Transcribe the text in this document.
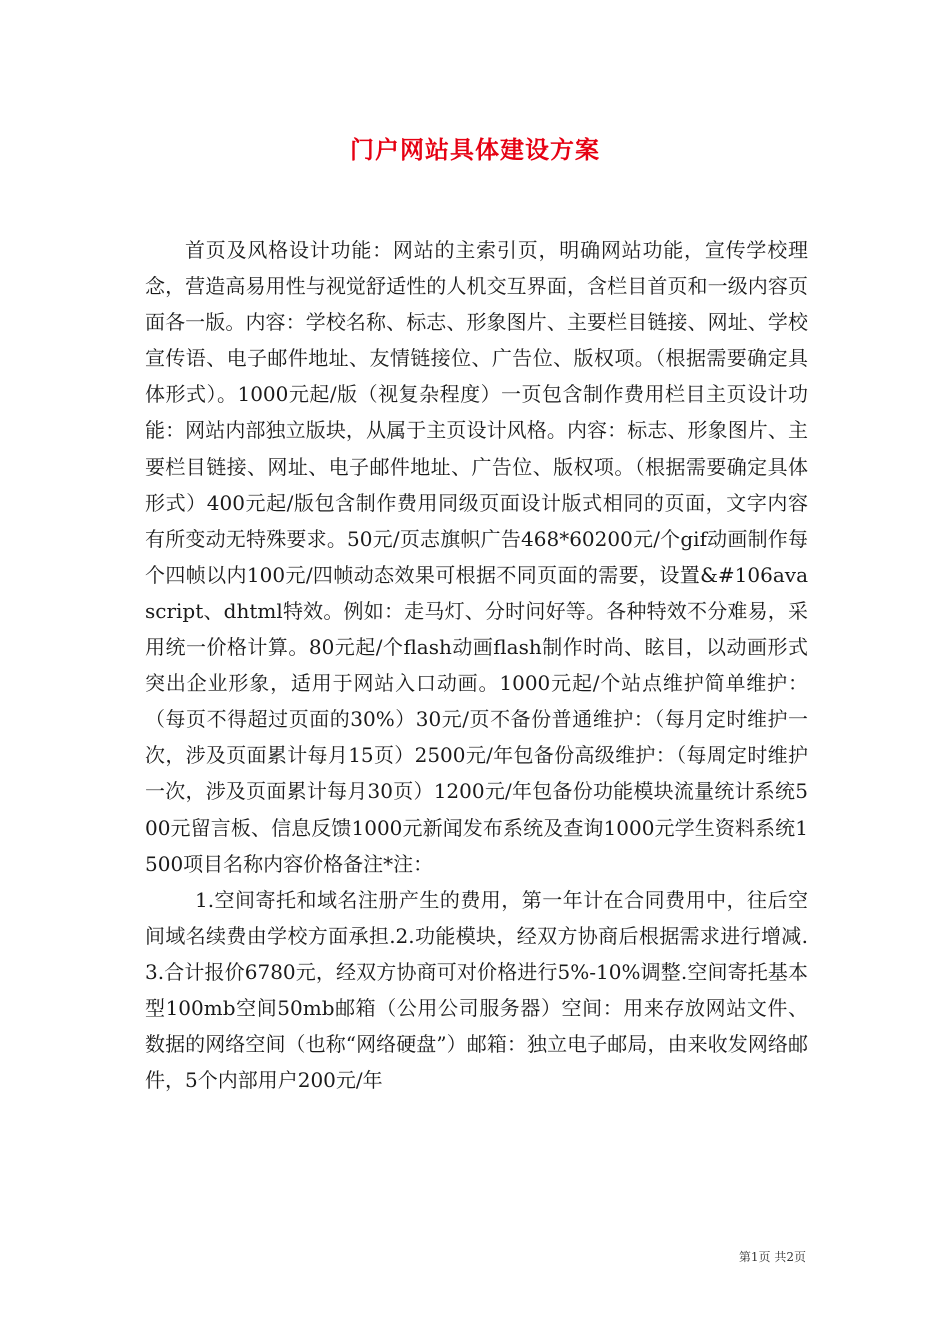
门户网站具体建设方案

首页及风格设计功能：网站的主索引页，明确网站功能，宣传学校理念，营造高易用性与视觉舒适性的人机交互界面，含栏目首页和一级内容页面各一版。内容：学校名称、标志、形象图片、主要栏目链接、网址、学校宣传语、电子邮件地址、友情链接位、广告位、版权项。（根据需要确定具体形式）。1000元起/版（视复杂程度）一页包含制作费用栏目主页设计功能：网站内部独立版块，从属于主页设计风格。内容：标志、形象图片、主要栏目链接、网址、电子邮件地址、广告位、版权项。（根据需要确定具体形式）400元起/版包含制作费用同级页面设计版式相同的页面，文字内容有所变动无特殊要求。50元/页志旗帜广告468*60200元/个gif动画制作每个四帧以内100元/四帧动态效果可根据不同页面的需要，设置&#106avascript、dhtml特效。例如：走马灯、分时问好等。各种特效不分难易，采用统一价格计算。80元起/个flash动画flash制作时尚、眩目，以动画形式突出企业形象，适用于网站入口动画。1000元起/个站点维护简单维护：（每页不得超过页面的30%）30元/页不备份普通维护：（每月定时维护一次，涉及页面累计每月15页）2500元/年包备份高级维护：（每周定时维护一次，涉及页面累计每月30页）1200元/年包备份功能模块流量统计系统500元留言板、信息反馈1000元新闻发布系统及查询1000元学生资料系统1500项目名称内容价格备注*注：

1.空间寄托和域名注册产生的费用，第一年计在合同费用中，往后空间域名续费由学校方面承担.2.功能模块，经双方协商后根据需求进行增减.3.合计报价6780元，经双方协商可对价格进行5%-10%调整.空间寄托基本型100mb空间50mb邮箱（公用公司服务器）空间：用来存放网站文件、数据的网络空间（也称“网络硬盘”）邮箱：独立电子邮局，由来收发网络邮件，5个内部用户200元/年

第1页 共2页
